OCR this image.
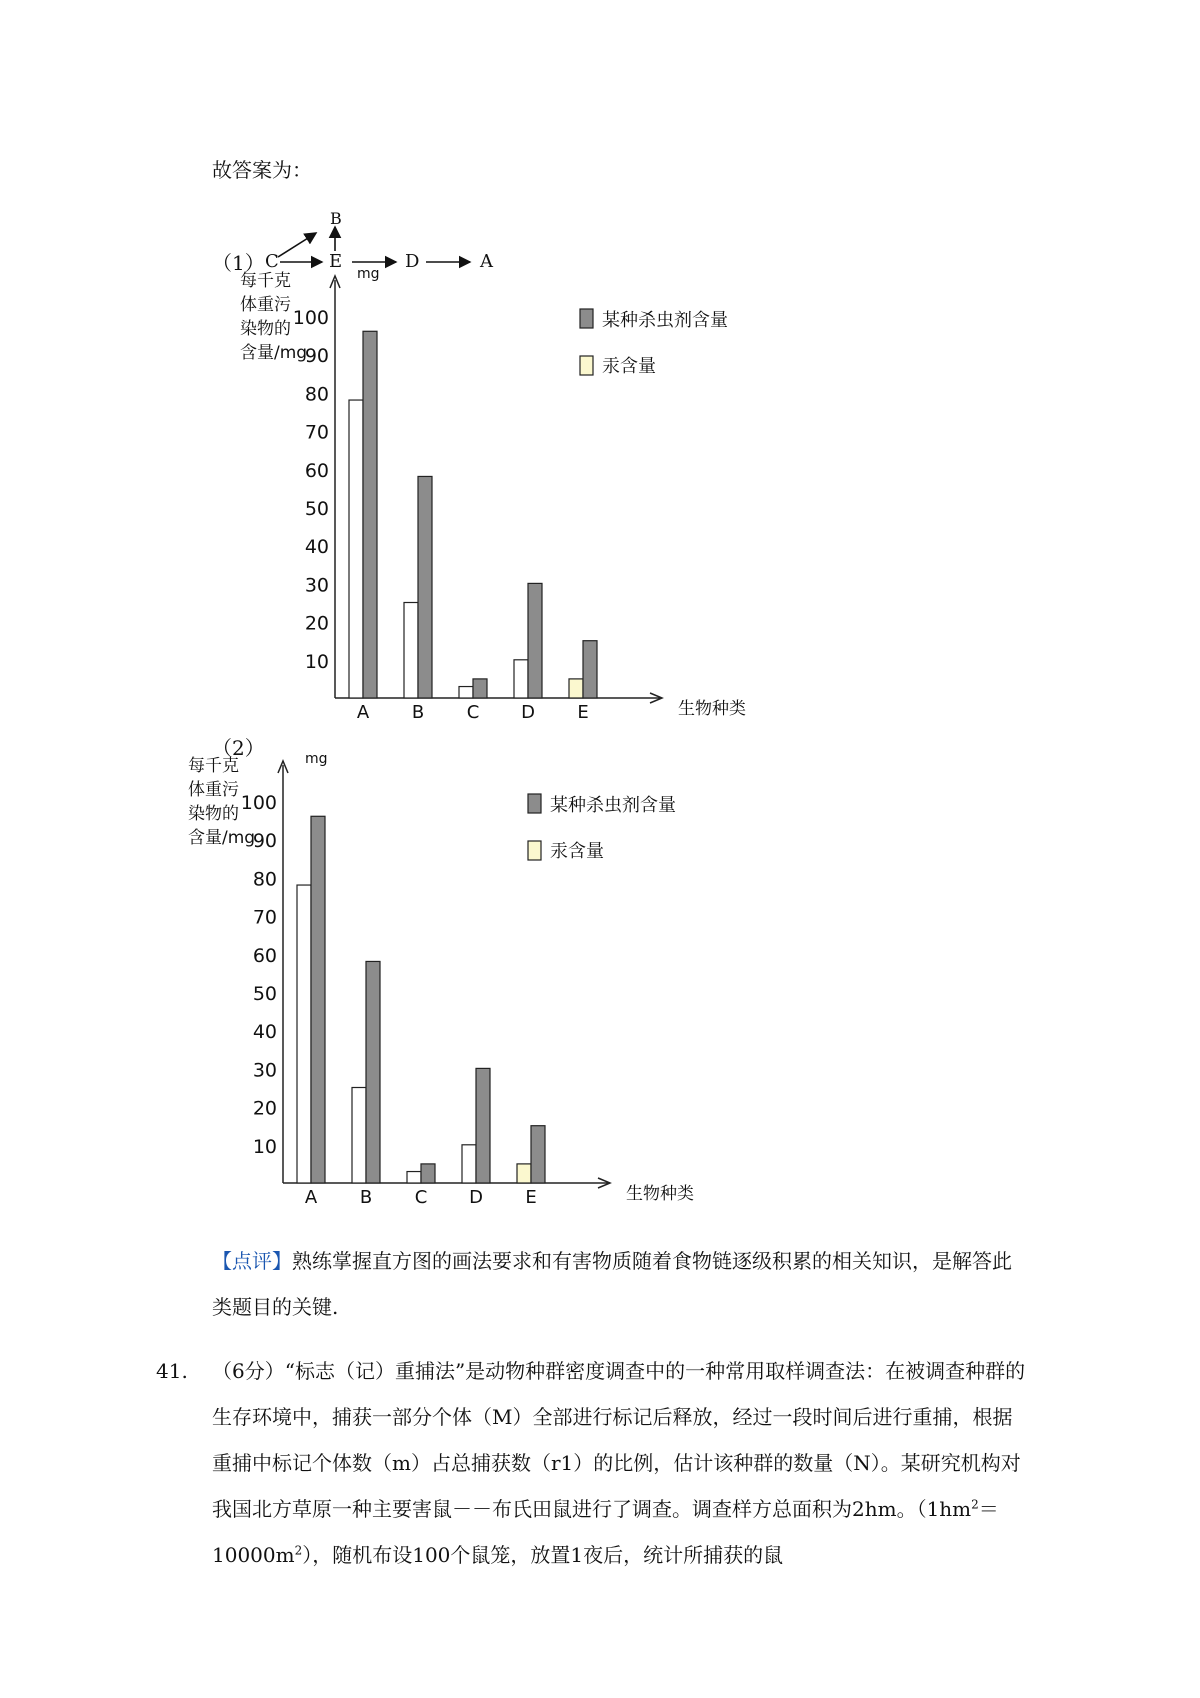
故答案为：
（1） C
B
E	D	A
每千克
体重污
染物的
含量/mg
mg
生物种类
10
20
30
40
50
60
70
80
90
100
A B C D E
某种杀虫剂含量
汞含量
（2）
每千克
体重污
染物的
含量/mg
mg
生物种类
10
20
30
40
50
60
70
80
90
100
A B C D E
某种杀虫剂含量
汞含量
【点评】熟练掌握直方图的画法要求和有害物质随着食物链逐级积累的相关知识，是解答此类题目的关键.
41. （6分）“标志（记）重捕法”是动物种群密度调查中的一种常用取样调查法：在被调查种群的生存环境中，捕获一部分个体（M）全部进行标记后释放，经过一段时间后进行重捕，根据重捕中标记个体数（m）占总捕获数（r1）的比例，估计该种群的数量（N）。某研究机构对我国北方草原一种主要害鼠－－布氏田鼠进行了调查。调查样方总面积为2hm。$(1hm^2=10000m^2)$，随机布设100个鼠笼，放置1夜后，统计所捕获的鼠
